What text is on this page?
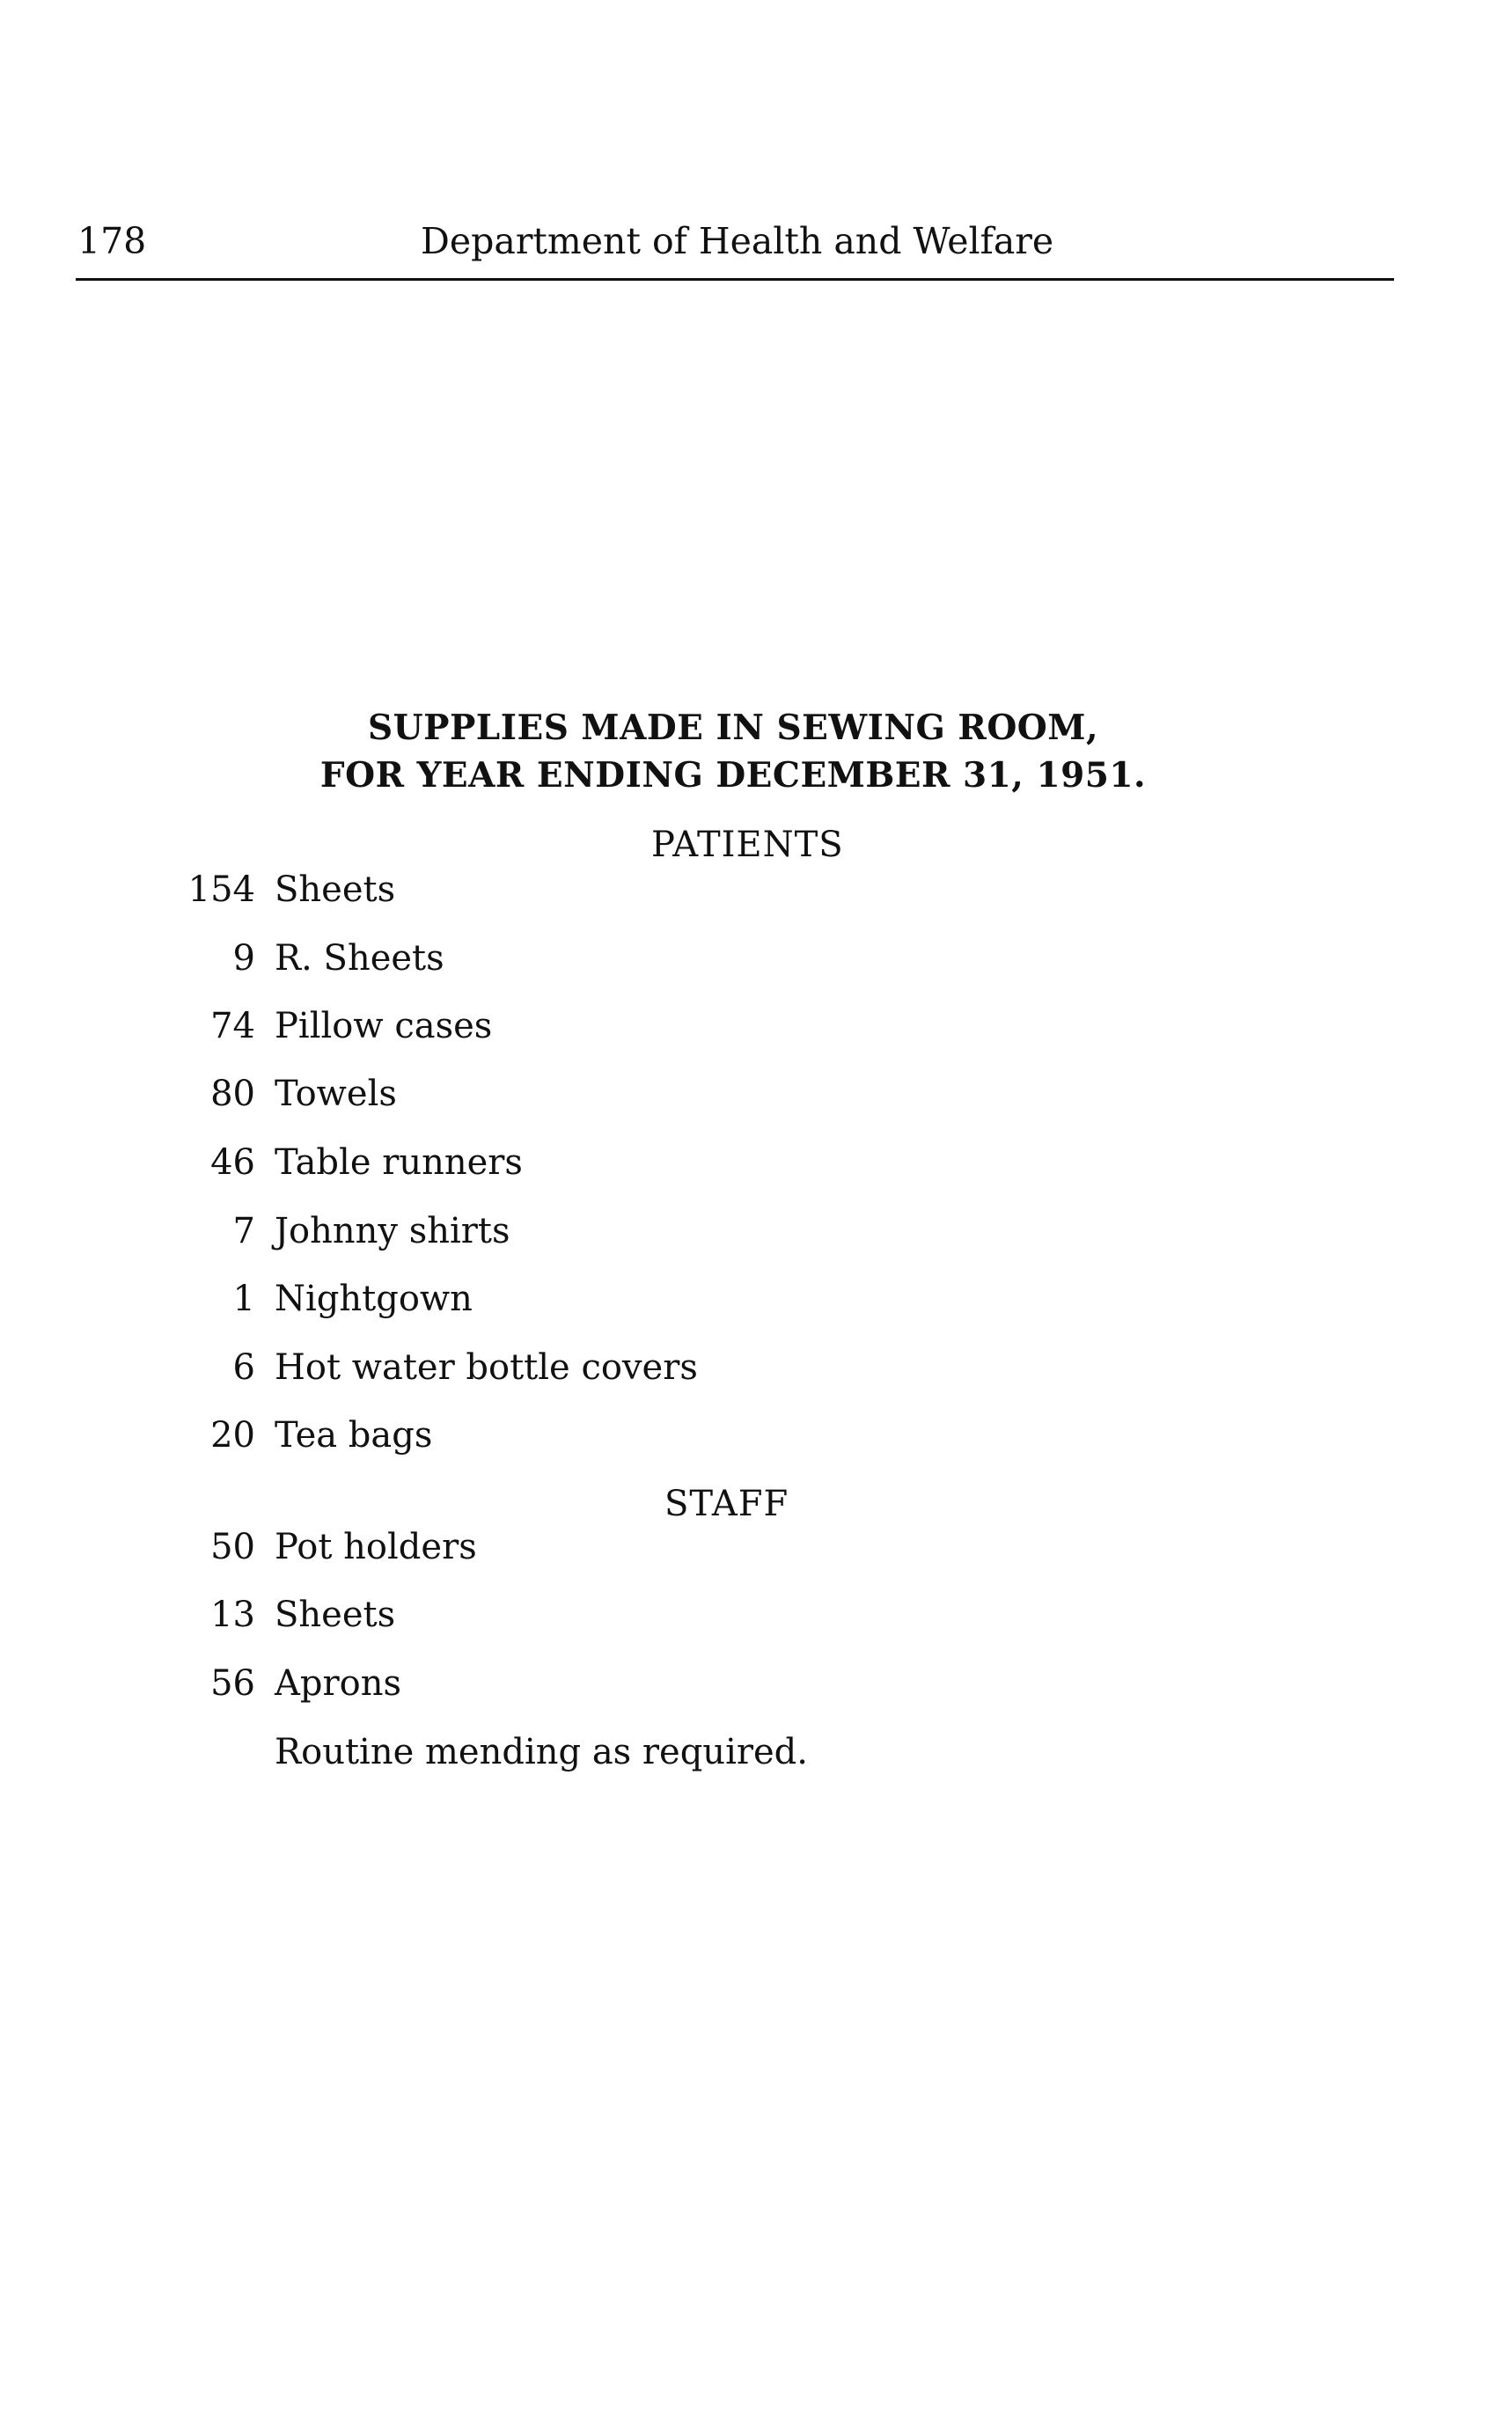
178	Department of Health and Welfare
SUPPLIES MADE IN SEWING ROOM,
FOR YEAR ENDING DECEMBER 31, 1951.
PATIENTS
154 Sheets
9 R. Sheets
74 Pillow cases
80 Towels
46 Table runners
7 Johnny shirts
1 Nightgown
6 Hot water bottle covers
20 Tea bags
STAFF
50 Pot holders
13 Sheets
56 Aprons
Routine mending as required.
